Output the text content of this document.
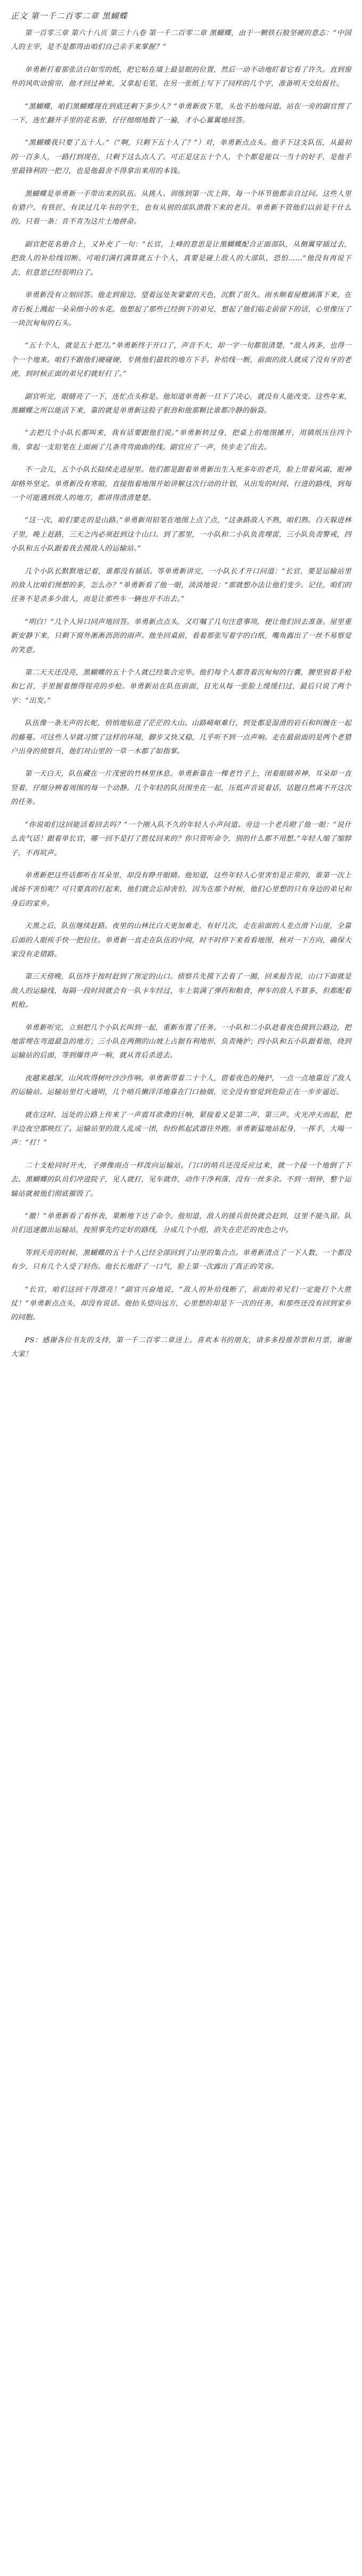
正文 第一千二百零二章 黑蝴蝶

第一百零三章 第六十八页 第三十八卷 第一千二百零二章 黑蝴蝶，由于一颗铁石般坚硬的意志：“中国人的主宰，是不是都得由咱们自己亲手来掌握？”

单勇新打着那张洁白如雪的纸，把它贴在墙上最显眼的位置，然后一动不动地盯着它看了许久。直到窗外的风吹动窗帘，他才回过神来，又拿起毛笔，在另一张纸上写下了同样的几个字，准备明天交给报社。

“黑蝴蝶，咱们黑蝴蝶现在到底还剩下多少人？”单勇新放下笔，头也不抬地问道。站在一旁的副官愣了一下，连忙翻开手里的花名册，仔仔细细地数了一遍，才小心翼翼地回答。

“黑蝴蝶我只要了五十人。”（“啊，只剩下五十人了？”）对，单勇新点点头。他手下这支队伍，从最初的一百多人，一路打到现在，只剩下这么点人了。可正是这五十个人，个个都是能以一当十的好手，是他手里最锋利的一把刀，也是他最舍不得拿出来用的本钱。

黑蝴蝶是单勇新一手带出来的队伍。从挑人、训练到第一次上阵，每一个环节他都亲自过问。这些人里有猎户、有铁匠、有读过几年书的学生，也有从别的部队溃散下来的老兵。单勇新不管他们以前是干什么的，只看一条：肯不肯为这片土地拼命。

副官把花名册合上，又补充了一句：“长官，上峰的意思是让黑蝴蝶配合正面部队，从侧翼穿插过去，把敌人的补给线切断。可咱们满打满算就五十个人，真要是碰上敌人的大部队，恐怕……”他没有再说下去，但意思已经很明白了。

单勇新没有立刻回答。他走到窗边，望着远处灰蒙蒙的天色，沉默了很久。雨水顺着屋檐滴落下来，在青石板上溅起一朵朵细小的水花。他想起了那些已经倒下的弟兄，想起了他们临走前留下的话，心里像压了一块沉甸甸的石头。

“五十个人，就是五十把刀。”单勇新终于开口了，声音不大，却一字一句都很清楚，“敌人再多，也得一个一个地来。咱们不跟他们硬碰硬，专挑他们最软的地方下手。补给线一断，前面的敌人就成了没有牙的老虎，到时候正面的弟兄们就好打了。”

副官听完，眼睛亮了一下，连忙点头称是。他知道单勇新一旦下了决心，就没有人能改变。这些年来，黑蝴蝶之所以能活下来，靠的就是单勇新这股子狠劲和他那颗比谁都冷静的脑袋。

“去把几个小队长都叫来，我有话要跟他们说。”单勇新转过身，把桌上的地图摊开，用镇纸压住四个角，拿起一支铅笔在上面画了几条弯弯曲曲的线。副官应了一声，快步走了出去。

不一会儿，五个小队长陆续走进屋里。他们都是跟着单勇新出生入死多年的老兵，脸上带着风霜，眼神却格外坚定。单勇新没有寒暄，直接指着地图开始讲解这次行动的计划，从出发的时间、行进的路线，到每一个可能遇到敌人的地方，都讲得清清楚楚。

“这一次，咱们要走的是山路。”单勇新用铅笔在地图上点了点，“这条路敌人不熟，咱们熟。白天躲进林子里，晚上赶路，三天之内必须赶到这个山口。到了那里，一小队和二小队负责埋雷，三小队负责警戒，四小队和五小队跟着我去摸敌人的运输站。”

几个小队长默默地记着，谁都没有插话。等单勇新讲完，一小队长才开口问道：“长官，要是运输站里的敌人比咱们预想的多，怎么办？”单勇新看了他一眼，淡淡地说：“那就想办法让他们变少。记住，咱们的任务不是杀多少敌人，而是让那些车一辆也开不出去。”

“明白！”几个人异口同声地回答。单勇新点点头，又叮嘱了几句注意事项，便让他们回去准备。屋里重新安静下来，只剩下窗外淅淅沥沥的雨声。他坐回桌前，看着那张写着字的白纸，嘴角露出了一丝不易察觉的笑意。

第二天天还没亮，黑蝴蝶的五十个人就已经集合完毕。他们每个人都背着沉甸甸的行囊，腰里别着手枪和匕首，手里握着擦得锃亮的步枪。单勇新站在队伍前面，目光从每一张脸上缓缓扫过，最后只说了两个字：“出发。”

队伍像一条无声的长蛇，悄悄地钻进了茫茫的大山。山路崎岖难行，到处都是湿滑的岩石和纠缠在一起的藤蔓。可这些人早就习惯了这样的环境，脚步又快又稳，几乎听不到一点声响。走在最前面的是两个老猎户出身的侦察兵，他们对山里的一草一木都了如指掌。

第一天白天，队伍藏在一片茂密的竹林里休息。单勇新靠在一棵老竹子上，闭着眼睛养神，耳朵却一直竖着，仔细分辨着周围的每一个动静。几个年轻的队员围坐在一起，压低声音说着话，话题自然离不开这次的任务。

“你说咱们这回能活着回去吗？”一个刚入队不久的年轻人小声问道。旁边一个老兵瞪了他一眼：“说什么丧气话！跟着单长官，哪一回不是打了胜仗回来的？你只管听命令，别的什么都不用想。”年轻人缩了缩脖子，不再吭声。

单勇新把这些话都听在耳朵里，却没有睁开眼睛。他知道，这些年轻人心里害怕是正常的，谁第一次上战场不害怕呢？可只要真的打起来，他们就会忘掉害怕，因为在那个时候，他们心里想的只有身边的弟兄和身后的家乡。

天黑之后，队伍继续赶路。夜里的山林比白天更加难走，有好几次，走在前面的人差点滑下山崖，全靠后面的人眼疾手快一把拉住。单勇新一直走在队伍的中间，时不时停下来看看地图，核对一下方向，确保大家没有走错路。

第三天傍晚，队伍终于按时赶到了预定的山口。侦察兵先摸下去看了一圈，回来报告说，山口下面就是敌人的运输线，每隔一段时间就会有一队卡车经过，车上装满了弹药和粮食，押车的敌人不算多，但都配着机枪。

单勇新听完，立刻把几个小队长叫到一起，重新布置了任务。一小队和二小队趁着夜色摸到公路边，把地雷埋在弯道最急的地方；三小队在两侧的山坡上占据有利地形，负责掩护；四小队和五小队跟着他，绕到运输站的后面，等到爆炸声一响，就从背后杀进去。

夜越来越深，山风吹得树叶沙沙作响。单勇新带着二十个人，借着夜色的掩护，一点一点地靠近了敌人的运输站。运输站里灯火通明，几个哨兵懒洋洋地靠在门口抽烟，完全没有察觉到危险正在一步步逼近。

就在这时，远处的公路上传来了一声震耳欲聋的巨响，紧接着又是第二声、第三声。火光冲天而起，把半边夜空都映红了。运输站里的敌人乱成一团，纷纷抓起武器往外跑。单勇新猛地站起身，一挥手，大喝一声：“打！”

二十支枪同时开火，子弹像雨点一样泼向运输站。门口的哨兵还没反应过来，就一个接一个地倒了下去。黑蝴蝶的队员们冲进院子，见人就打，见车就炸，动作干净利落，没有一丝多余。不到一刻钟，整个运输站就被他们彻底摧毁了。

“撤！”单勇新看了看怀表，果断地下达了命令。他知道，敌人的援兵很快就会赶到，这里不能久留。队员们迅速撤出运输站，按照事先约定好的路线，分成几个小组，消失在茫茫的夜色之中。

等到天亮的时候，黑蝴蝶的五十个人已经全部回到了山里的集合点。单勇新清点了一下人数，一个都没有少，只有几个人受了轻伤。他长长地舒了一口气，脸上第一次露出了真正的笑容。

“长官，咱们这回干得漂亮！”副官兴奋地说，“敌人的补给线断了，前面的弟兄们一定能打个大胜仗！”单勇新点点头，却没有说话。他抬头望向远方，心里想的却是下一次的任务，和那些还没有回到家乡的同胞。

PS：感谢各位书友的支持，第一千二百零二章送上。喜欢本书的朋友，请多多投推荐票和月票，谢谢大家！
